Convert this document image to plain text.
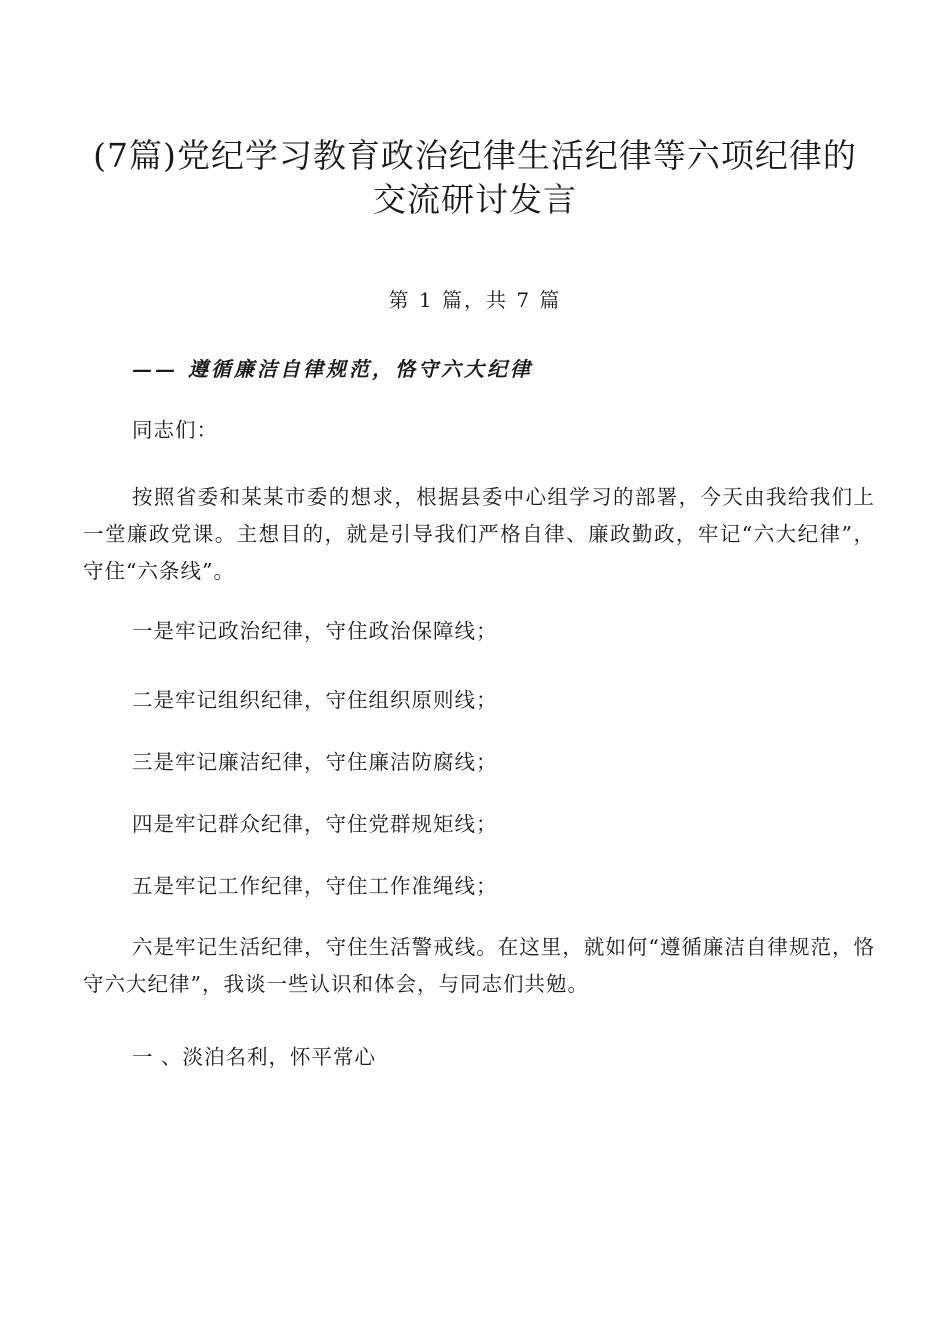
(7篇)党纪学习教育政治纪律生活纪律等六项纪律的交流研讨发言
第 1 篇，共 7 篇
—— 遵循廉洁自律规范，恪守六大纪律
同志们：

按照省委和某某市委的想求，根据县委中心组学习的部署，今天由我给我们上一堂廉政党课。主想目的，就是引导我们严格自律、廉政勤政，牢记“六大纪律”，守住“六条线”。

一是牢记政治纪律，守住政治保障线；
二是牢记组织纪律，守住组织原则线；
三是牢记廉洁纪律，守住廉洁防腐线；
四是牢记群众纪律，守住党群规矩线；
五是牢记工作纪律，守住工作准绳线；

六是牢记生活纪律，守住生活警戒线。在这里，就如何“遵循廉洁自律规范，恪守六大纪律”，我谈一些认识和体会，与同志们共勉。

一 、淡泊名利，怀平常心
